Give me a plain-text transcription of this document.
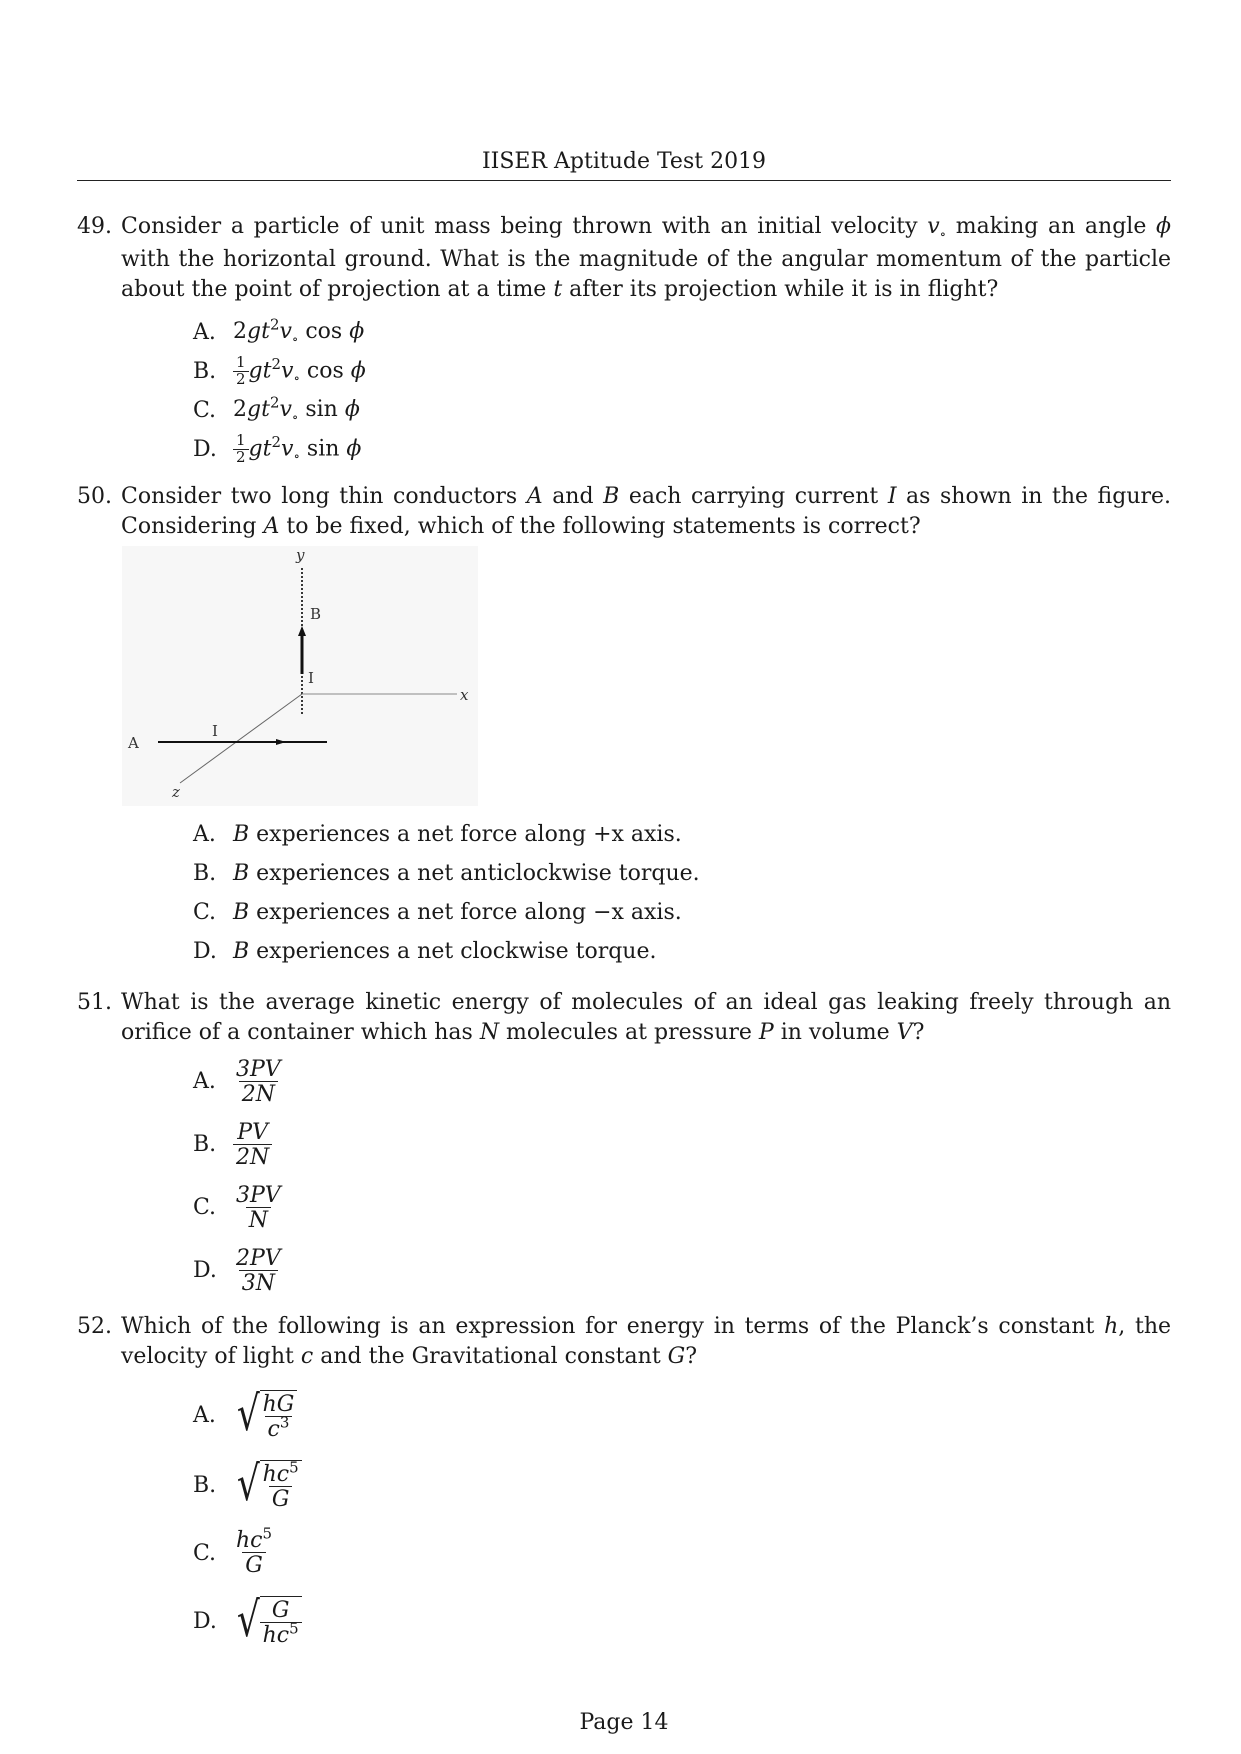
IISER Aptitude Test 2019
49. Consider a particle of unit mass being thrown with an initial velocity $v_\circ$ making an angle ϕ with the horizontal ground. What is the magnitude of the angular momentum of the particle about the point of projection at a time t after its projection while it is in flight?
A. $2gt^2v_\circ$ cos ϕ
B.	$\frac{1}{2} gt^2v_\circ$ cos ϕ
C. $2gt^2v_\circ$ sin ϕ
D.	$\frac{1}{2} gt^2v_\circ$ sin ϕ
50. Consider two long thin conductors A and B each carrying current I as shown in the figure. Considering A to be fixed, which of the following statements is correct?
y
B
I
x
I
A
z
A. B experiences a net force along +x axis.
B. B experiences a net anticlockwise torque.
C. B experiences a net force along −x axis.
D. B experiences a net clockwise torque.
51. What is the average kinetic energy of molecules of an ideal gas leaking freely through an orifice of a container which has N molecules at pressure P in volume V?
A. $\frac{3PV}{2N}$
B. $\frac{PV}{2N}$
C. $\frac{3PV}{N}$
D. $\frac{2PV}{3N}$
52. Which of the following is an expression for energy in terms of the Planck’s constant h, the velocity of light c and the Gravitational constant G?
A. √ $\frac{hG}{c^3}$
B. √ $\frac{hc^5}{G}$
C. $\frac{hc^5}{G}$
D. √ $\frac{G}{hc^5}$
Page 14
